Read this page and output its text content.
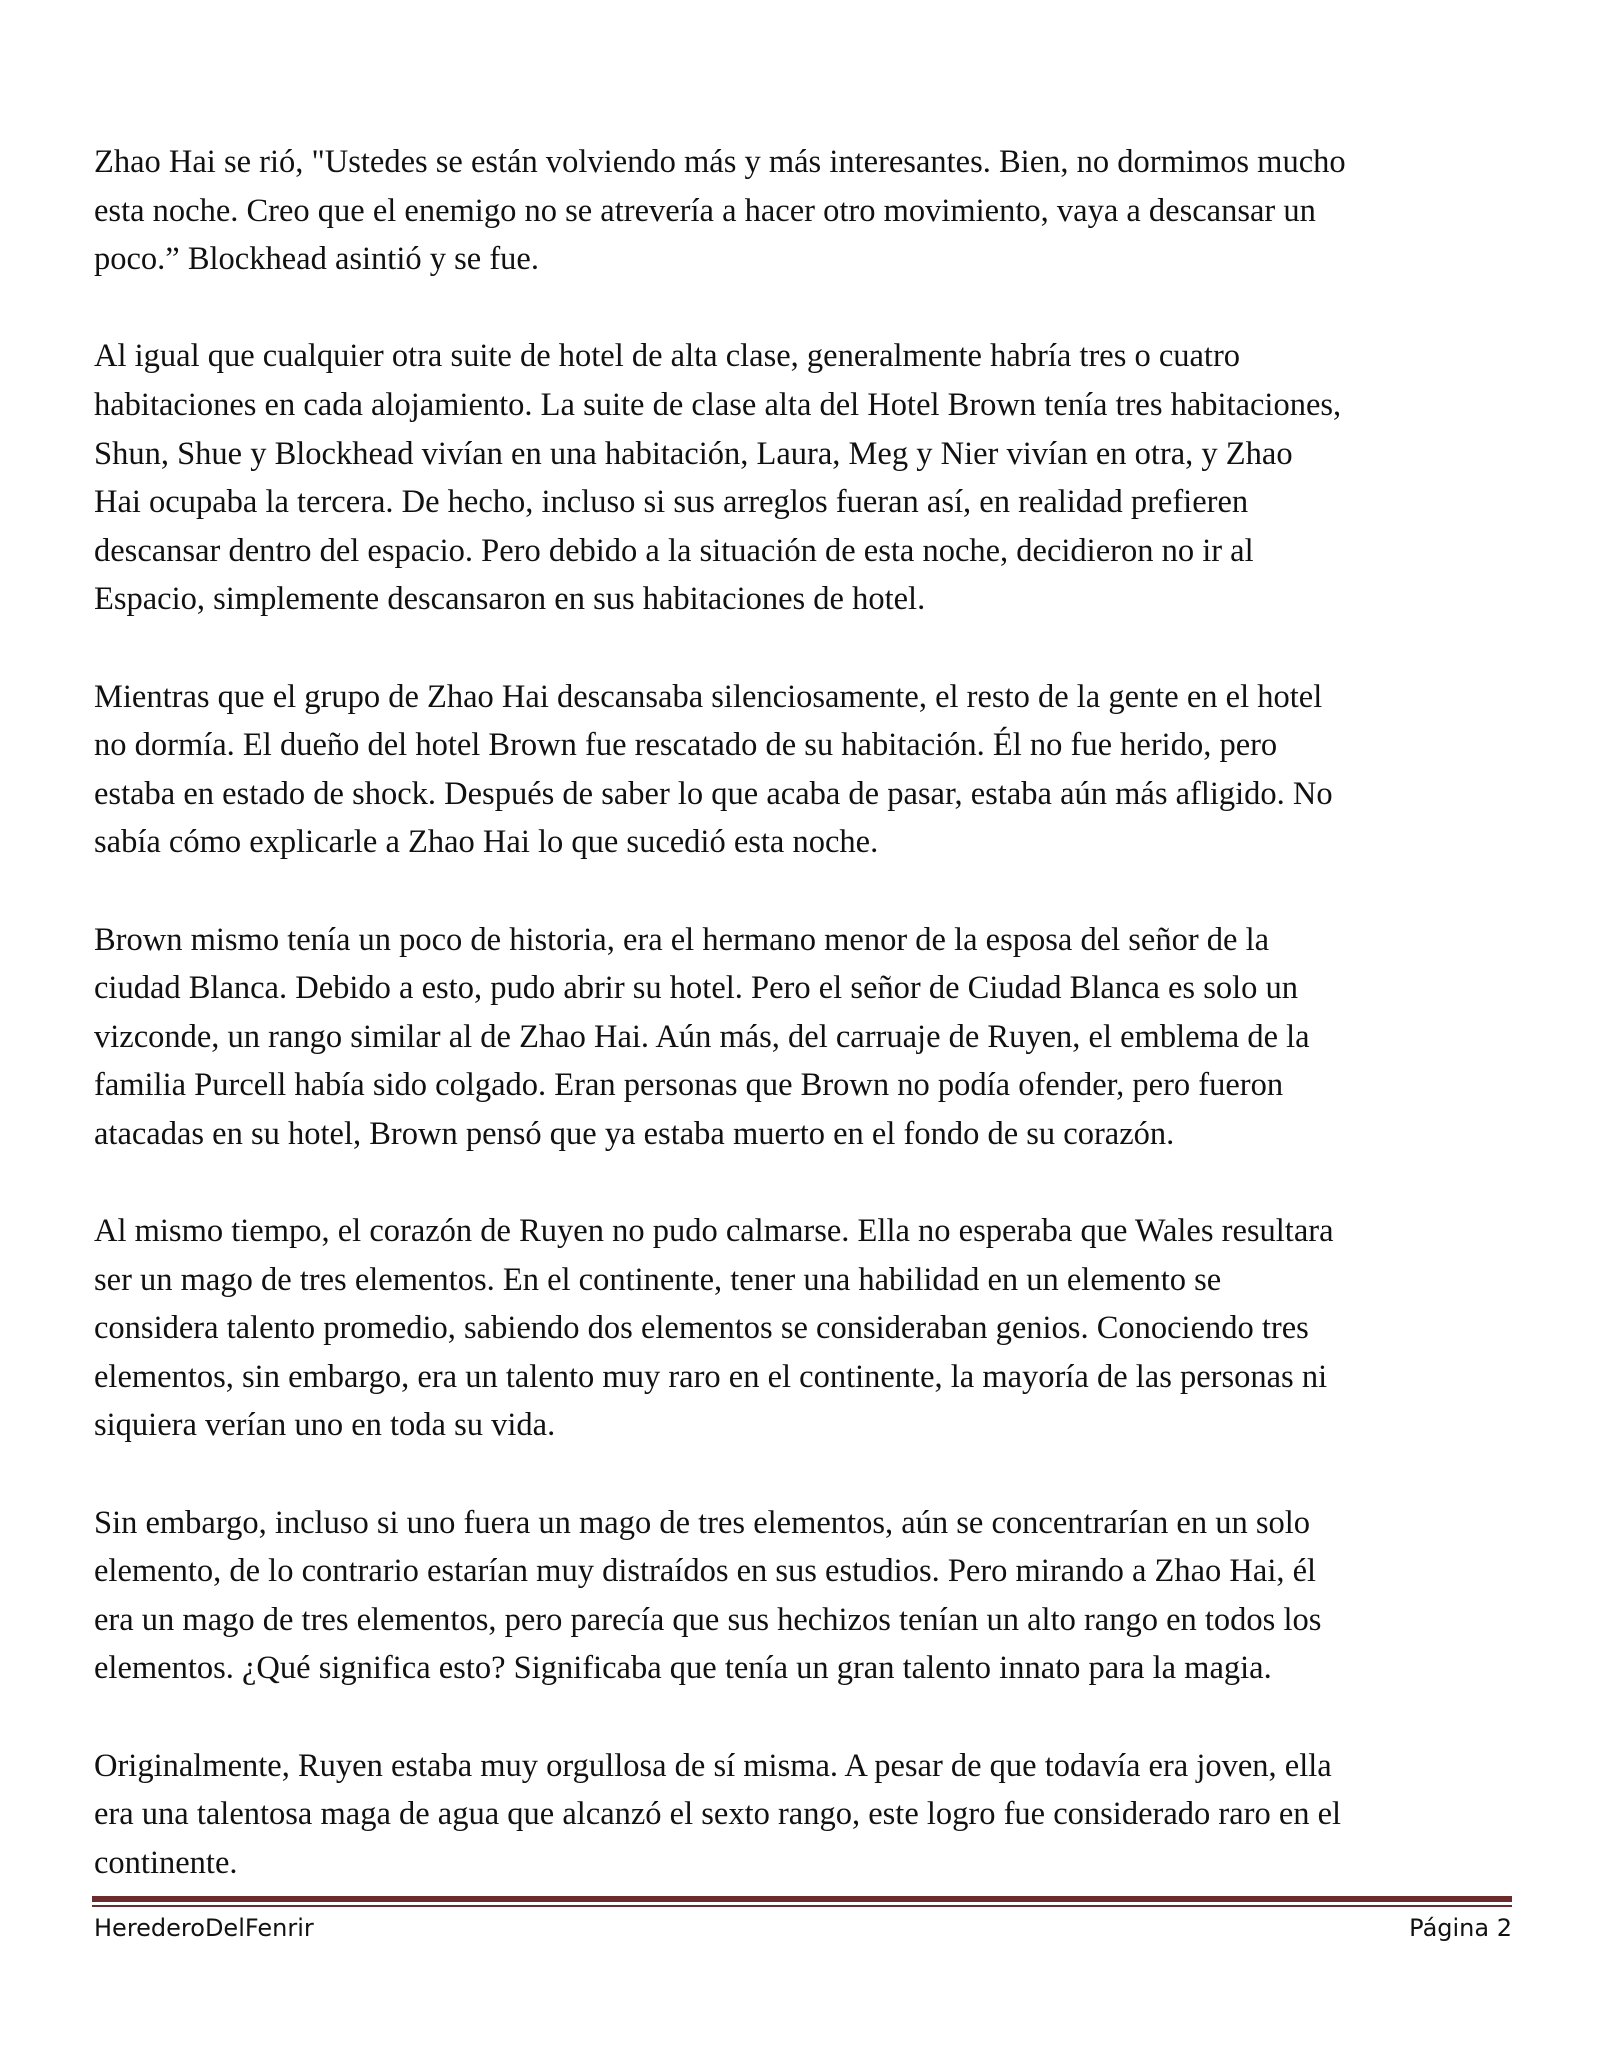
Zhao Hai se rió, "Ustedes se están volviendo más y más interesantes. Bien, no dormimos mucho
esta noche. Creo que el enemigo no se atrevería a hacer otro movimiento, vaya a descansar un
poco.” Blockhead asintió y se fue.

Al igual que cualquier otra suite de hotel de alta clase, generalmente habría tres o cuatro
habitaciones en cada alojamiento. La suite de clase alta del Hotel Brown tenía tres habitaciones,
Shun, Shue y Blockhead vivían en una habitación, Laura, Meg y Nier vivían en otra, y Zhao
Hai ocupaba la tercera. De hecho, incluso si sus arreglos fueran así, en realidad prefieren
descansar dentro del espacio. Pero debido a la situación de esta noche, decidieron no ir al
Espacio, simplemente descansaron en sus habitaciones de hotel.

Mientras que el grupo de Zhao Hai descansaba silenciosamente, el resto de la gente en el hotel
no dormía. El dueño del hotel Brown fue rescatado de su habitación. Él no fue herido, pero
estaba en estado de shock. Después de saber lo que acaba de pasar, estaba aún más afligido. No
sabía cómo explicarle a Zhao Hai lo que sucedió esta noche.

Brown mismo tenía un poco de historia, era el hermano menor de la esposa del señor de la
ciudad Blanca. Debido a esto, pudo abrir su hotel. Pero el señor de Ciudad Blanca es solo un
vizconde, un rango similar al de Zhao Hai. Aún más, del carruaje de Ruyen, el emblema de la
familia Purcell había sido colgado. Eran personas que Brown no podía ofender, pero fueron
atacadas en su hotel, Brown pensó que ya estaba muerto en el fondo de su corazón.

Al mismo tiempo, el corazón de Ruyen no pudo calmarse. Ella no esperaba que Wales resultara
ser un mago de tres elementos. En el continente, tener una habilidad en un elemento se
considera talento promedio, sabiendo dos elementos se consideraban genios. Conociendo tres
elementos, sin embargo, era un talento muy raro en el continente, la mayoría de las personas ni
siquiera verían uno en toda su vida.

Sin embargo, incluso si uno fuera un mago de tres elementos, aún se concentrarían en un solo
elemento, de lo contrario estarían muy distraídos en sus estudios. Pero mirando a Zhao Hai, él
era un mago de tres elementos, pero parecía que sus hechizos tenían un alto rango en todos los
elementos. ¿Qué significa esto? Significaba que tenía un gran talento innato para la magia.

Originalmente, Ruyen estaba muy orgullosa de sí misma. A pesar de que todavía era joven, ella
era una talentosa maga de agua que alcanzó el sexto rango, este logro fue considerado raro en el
continente.

HerederoDelFenrir	Página 2
